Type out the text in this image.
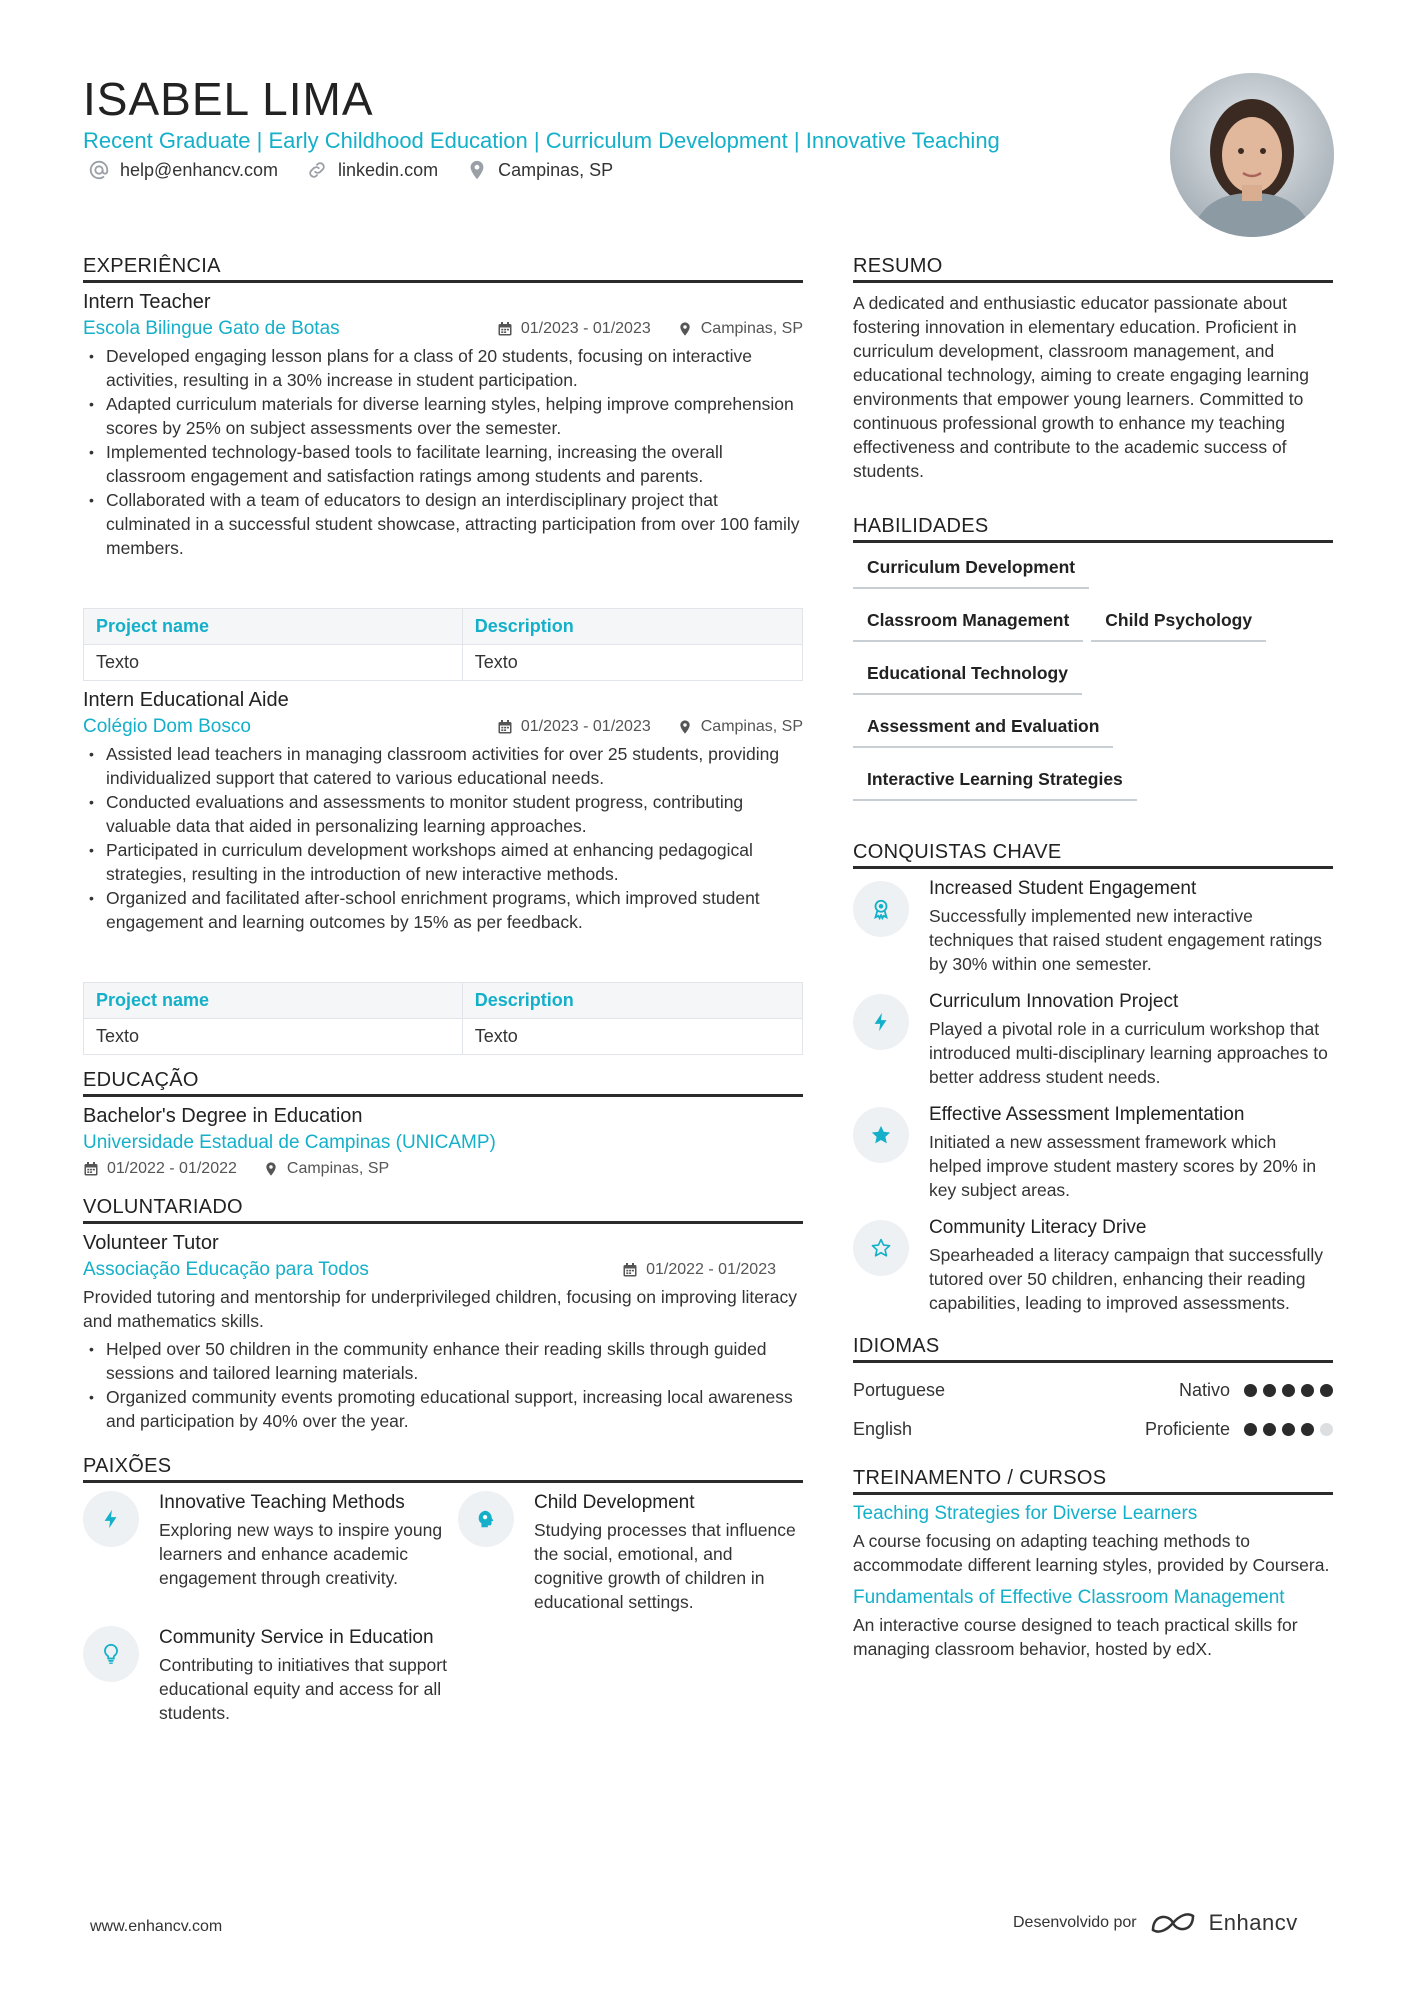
ISABEL LIMA
Recent Graduate | Early Childhood Education | Curriculum Development | Innovative Teaching
help@enhancv.com	linkedin.com	Campinas, SP
EXPERIÊNCIA
Intern Teacher
Escola Bilingue Gato de Botas	01/2023 - 01/2023	Campinas, SP
• Developed engaging lesson plans for a class of 20 students, focusing on interactive activities, resulting in a 30% increase in student participation.
• Adapted curriculum materials for diverse learning styles, helping improve comprehension scores by 25% on subject assessments over the semester.
• Implemented technology-based tools to facilitate learning, increasing the overall classroom engagement and satisfaction ratings among students and parents.
• Collaborated with a team of educators to design an interdisciplinary project that culminated in a successful student showcase, attracting participation from over 100 family members.
Project name	Description
Texto	Texto
Intern Educational Aide
Colégio Dom Bosco	01/2023 - 01/2023	Campinas, SP
• Assisted lead teachers in managing classroom activities for over 25 students, providing individualized support that catered to various educational needs.
• Conducted evaluations and assessments to monitor student progress, contributing valuable data that aided in personalizing learning approaches.
• Participated in curriculum development workshops aimed at enhancing pedagogical strategies, resulting in the introduction of new interactive methods.
• Organized and facilitated after-school enrichment programs, which improved student engagement and learning outcomes by 15% as per feedback.
Project name	Description
Texto	Texto
EDUCAÇÃO
Bachelor's Degree in Education
Universidade Estadual de Campinas (UNICAMP)
01/2022 - 01/2022	Campinas, SP
VOLUNTARIADO
Volunteer Tutor
Associação Educação para Todos	01/2022 - 01/2023
Provided tutoring and mentorship for underprivileged children, focusing on improving literacy and mathematics skills.
• Helped over 50 children in the community enhance their reading skills through guided sessions and tailored learning materials.
• Organized community events promoting educational support, increasing local awareness and participation by 40% over the year.
PAIXÕES
Innovative Teaching Methods
Exploring new ways to inspire young learners and enhance academic engagement through creativity.
Child Development
Studying processes that influence the social, emotional, and cognitive growth of children in educational settings.
Community Service in Education
Contributing to initiatives that support educational equity and access for all students.
RESUMO
A dedicated and enthusiastic educator passionate about fostering innovation in elementary education. Proficient in curriculum development, classroom management, and educational technology, aiming to create engaging learning environments that empower young learners. Committed to continuous professional growth to enhance my teaching effectiveness and contribute to the academic success of students.
HABILIDADES
Curriculum Development
Classroom Management	Child Psychology
Educational Technology
Assessment and Evaluation
Interactive Learning Strategies
CONQUISTAS CHAVE
Increased Student Engagement
Successfully implemented new interactive techniques that raised student engagement ratings by 30% within one semester.
Curriculum Innovation Project
Played a pivotal role in a curriculum workshop that introduced multi-disciplinary learning approaches to better address student needs.
Effective Assessment Implementation
Initiated a new assessment framework which helped improve student mastery scores by 20% in key subject areas.
Community Literacy Drive
Spearheaded a literacy campaign that successfully tutored over 50 children, enhancing their reading capabilities, leading to improved assessments.
IDIOMAS
Portuguese	Nativo
English	Proficiente
TREINAMENTO / CURSOS
Teaching Strategies for Diverse Learners
A course focusing on adapting teaching methods to accommodate different learning styles, provided by Coursera.
Fundamentals of Effective Classroom Management
An interactive course designed to teach practical skills for managing classroom behavior, hosted by edX.
www.enhancv.com	Desenvolvido por	Enhancv
